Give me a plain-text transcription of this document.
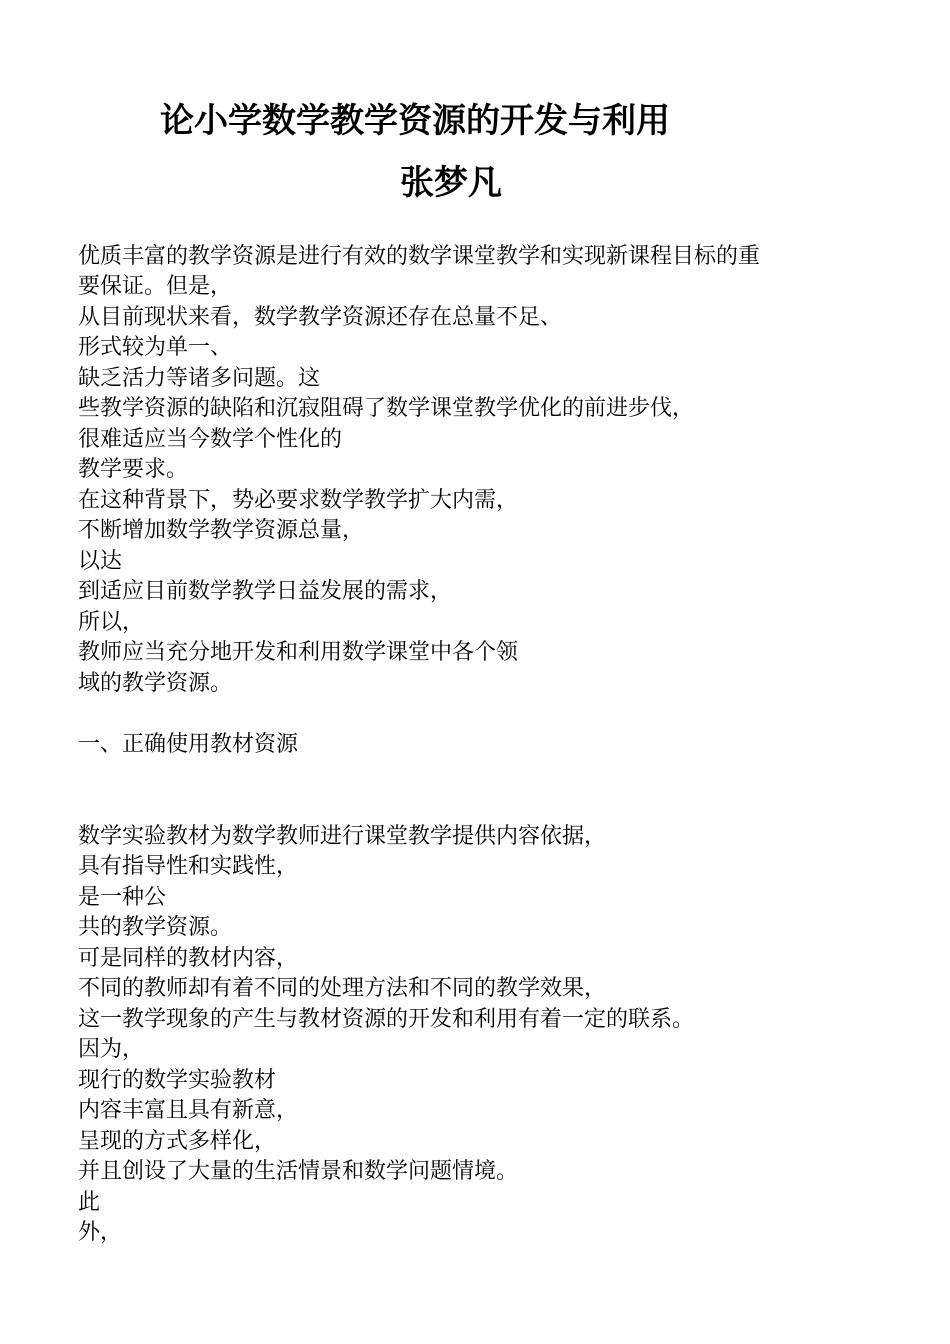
论小学数学教学资源的开发与利用
张梦凡
优质丰富的教学资源是进行有效的数学课堂教学和实现新课程目标的重
要保证。但是，
从目前现状来看，数学教学资源还存在总量不足、
形式较为单一、
缺乏活力等诸多问题。这
些教学资源的缺陷和沉寂阻碍了数学课堂教学优化的前进步伐，
很难适应当今数学个性化的
教学要求。
在这种背景下，势必要求数学教学扩大内需，
不断增加数学教学资源总量，
以达
到适应目前数学教学日益发展的需求，
所以，
教师应当充分地开发和利用数学课堂中各个领
域的教学资源。
一、正确使用教材资源
数学实验教材为数学教师进行课堂教学提供内容依据，
具有指导性和实践性，
是一种公
共的教学资源。
可是同样的教材内容，
不同的教师却有着不同的处理方法和不同的教学效果，
这一教学现象的产生与教材资源的开发和利用有着一定的联系。
因为，
现行的数学实验教材
内容丰富且具有新意，
呈现的方式多样化，
并且创设了大量的生活情景和数学问题情境。
此
外，
